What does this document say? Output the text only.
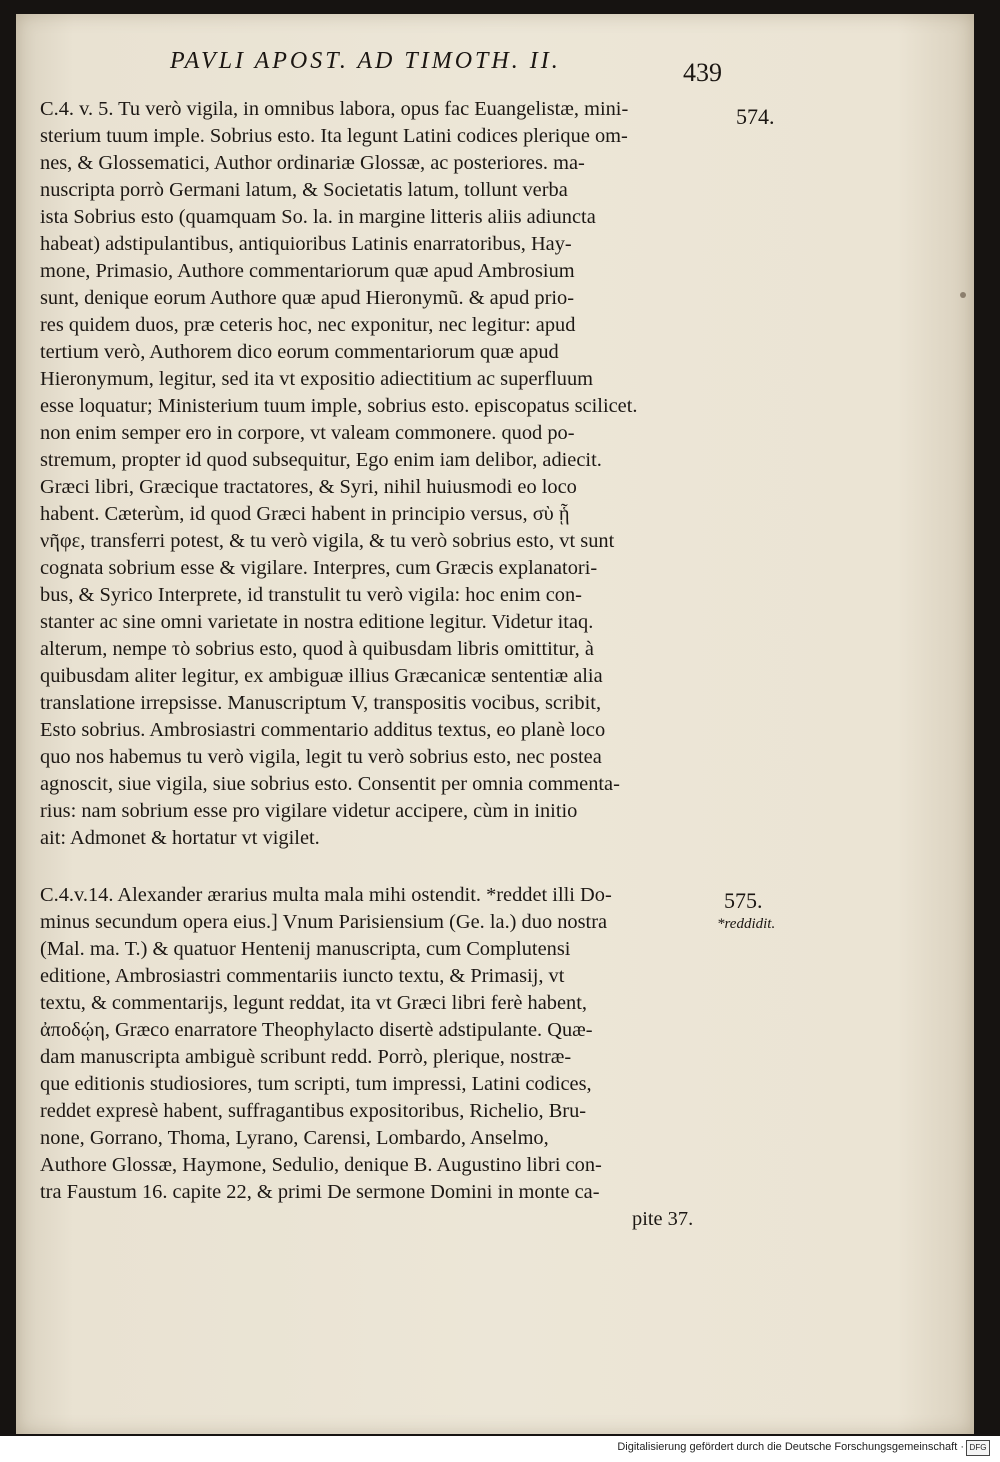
PAVLI APOST. AD TIMOTH. II.	439
574.
C.4. v. 5. Tu verò vigila, in omnibus labora, opus fac Euangelistæ, mini-
sterium tuum imple. Sobrius esto. Ita legunt Latini codices plerique om-
nes, & Glossematici, Author ordinariæ Glossæ, ac posteriores. ma-
nuscripta porrò Germani latum, & Societatis latum, tollunt verba
ista Sobrius esto (quamquam So. la. in margine litteris aliis adiuncta
habeat) adstipulantibus, antiquioribus Latinis enarratoribus, Hay-
mone, Primasio, Authore commentariorum quæ apud Ambrosium
sunt, denique eorum Authore quæ apud Hieronymũ. & apud prio-
res quidem duos, præ ceteris hoc, nec exponitur, nec legitur: apud
tertium verò, Authorem dico eorum commentariorum quæ apud
Hieronymum, legitur, sed ita vt expositio adiectitium ac superfluum
esse loquatur; Ministerium tuum imple, sobrius esto. episcopatus scilicet.
non enim semper ero in corpore, vt valeam commonere. quod po-
stremum, propter id quod subsequitur, Ego enim iam delibor, adiecit.
Græci libri, Græcique tractatores, & Syri, nihil huiusmodi eo loco
habent. Cæterùm, id quod Græci habent in principio versus, σὺ ᾗ
νῆφε, transferri potest, & tu verò vigila, & tu verò sobrius esto, vt sunt
cognata sobrium esse & vigilare. Interpres, cum Græcis explanatori-
bus, & Syrico Interprete, id transtulit tu verò vigila: hoc enim con-
stanter ac sine omni varietate in nostra editione legitur. Videtur itaq.
alterum, nempe τὸ sobrius esto, quod à quibusdam libris omittitur, à
quibusdam aliter legitur, ex ambiguæ illius Græcanicæ sententiæ alia
translatione irrepsisse. Manuscriptum V, transpositis vocibus, scribit,
Esto sobrius. Ambrosiastri commentario additus textus, eo planè loco
quo nos habemus tu verò vigila, legit tu verò sobrius esto, nec postea
agnoscit, siue vigila, siue sobrius esto. Consentit per omnia commenta-
rius: nam sobrium esse pro vigilare videtur accipere, cùm in initio
ait: Admonet & hortatur vt vigilet.
575.
*reddidit.
C.4.v.14. Alexander ærarius multa mala mihi ostendit. *reddet illi Do-
minus secundum opera eius.] Vnum Parisiensium (Ge. la.) duo nostra
(Mal. ma. T.) & quatuor Hentenij manuscripta, cum Complutensi
editione, Ambrosiastri commentariis iuncto textu, & Primasij, vt
textu, & commentarijs, legunt reddat, ita vt Græci libri ferè habent,
ἀποδῴη, Græco enarratore Theophylacto disertè adstipulante. Quæ-
dam manuscripta ambiguè scribunt redd. Porrò, plerique, nostræ-
que editionis studiosiores, tum scripti, tum impressi, Latini codices,
reddet expresè habent, suffragantibus expositoribus, Richelio, Bru-
none, Gorrano, Thoma, Lyrano, Carensi, Lombardo, Anselmo,
Authore Glossæ, Haymone, Sedulio, denique B. Augustino libri con-
tra Faustum 16. capite 22, & primi De sermone Domini in monte ca-
pite 37.
Digitalisierung gefördert durch die Deutsche Forschungsgemeinschaft · DFG
